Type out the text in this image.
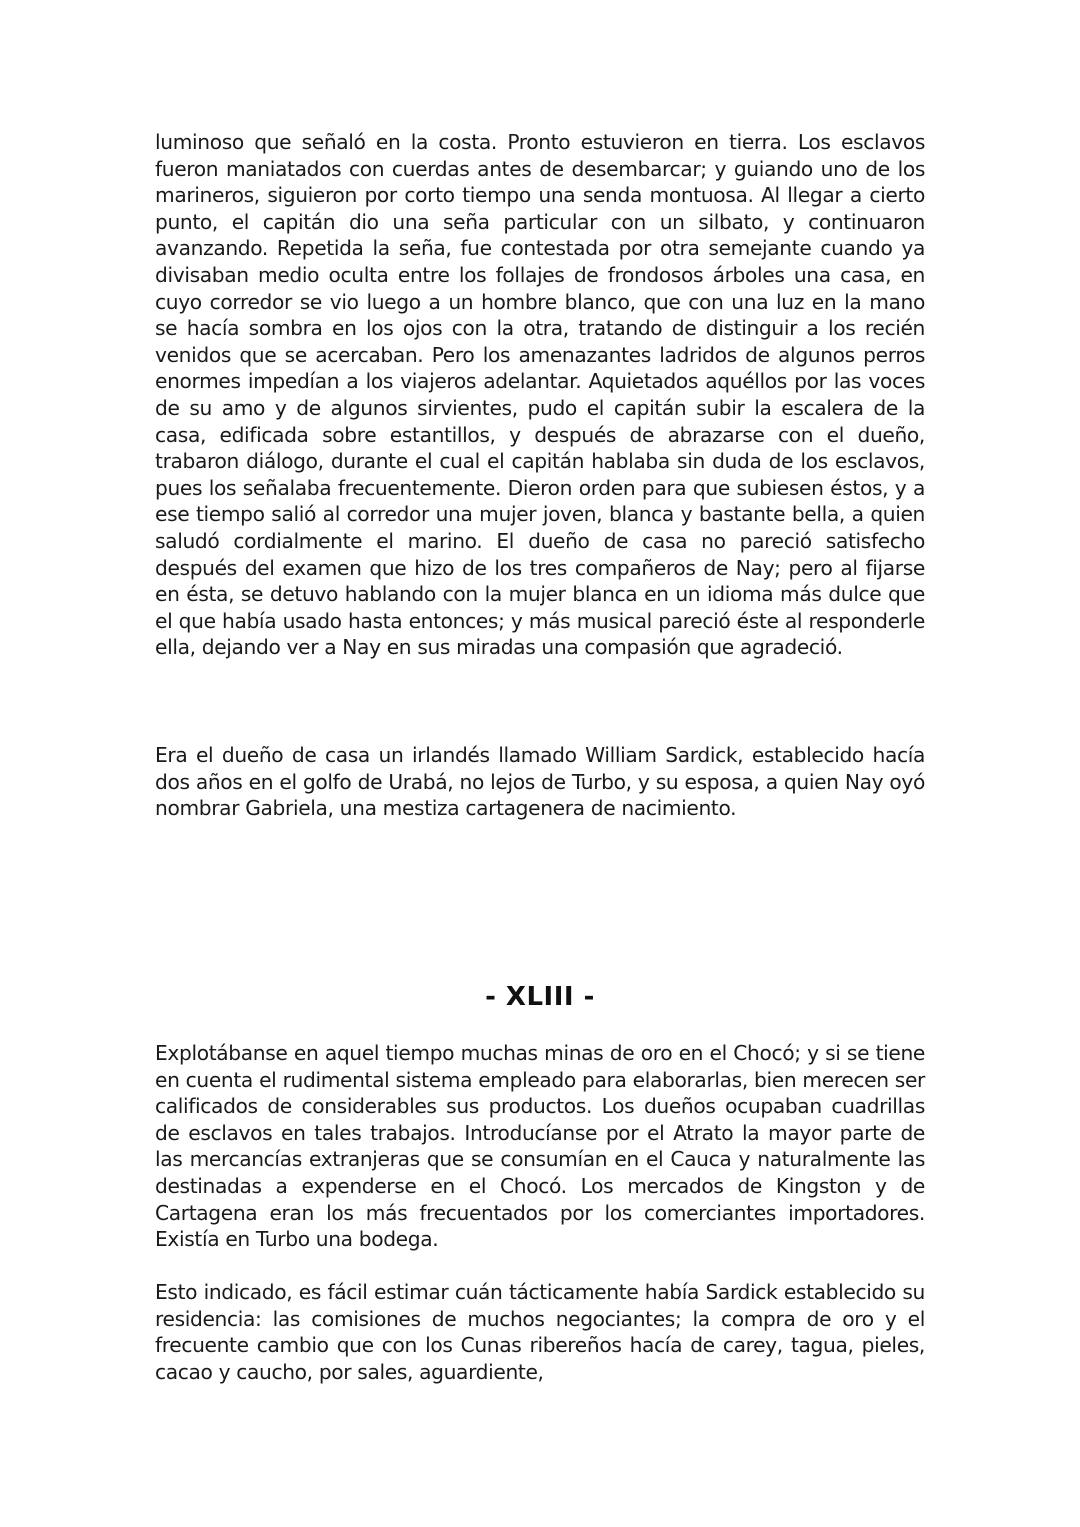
luminoso que señaló en la costa. Pronto estuvieron en tierra. Los esclavos fueron maniatados con cuerdas antes de desembarcar; y guiando uno de los marineros, siguieron por corto tiempo una senda montuosa. Al llegar a cierto punto, el capitán dio una seña particular con un silbato, y continuaron avanzando. Repetida la seña, fue contestada por otra semejante cuando ya divisaban medio oculta entre los follajes de frondosos árboles una casa, en cuyo corredor se vio luego a un hombre blanco, que con una luz en la mano se hacía sombra en los ojos con la otra, tratando de distinguir a los recién venidos que se acercaban. Pero los amenazantes ladridos de algunos perros enormes impedían a los viajeros adelantar. Aquietados aquéllos por las voces de su amo y de algunos sirvientes, pudo el capitán subir la escalera de la casa, edificada sobre estantillos, y después de abrazarse con el dueño, trabaron diálogo, durante el cual el capitán hablaba sin duda de los esclavos, pues los señalaba frecuentemente. Dieron orden para que subiesen éstos, y a ese tiempo salió al corredor una mujer joven, blanca y bastante bella, a quien saludó cordialmente el marino. El dueño de casa no pareció satisfecho después del examen que hizo de los tres compañeros de Nay; pero al fijarse en ésta, se detuvo hablando con la mujer blanca en un idioma más dulce que el que había usado hasta entonces; y más musical pareció éste al responderle ella, dejando ver a Nay en sus miradas una compasión que agradeció.

Era el dueño de casa un irlandés llamado William Sardick, establecido hacía dos años en el golfo de Urabá, no lejos de Turbo, y su esposa, a quien Nay oyó nombrar Gabriela, una mestiza cartagenera de nacimiento.

- XLIII -

Explotábanse en aquel tiempo muchas minas de oro en el Chocó; y si se tiene en cuenta el rudimental sistema empleado para elaborarlas, bien merecen ser calificados de considerables sus productos. Los dueños ocupaban cuadrillas de esclavos en tales trabajos. Introducíanse por el Atrato la mayor parte de las mercancías extranjeras que se consumían en el Cauca y naturalmente las destinadas a expenderse en el Chocó. Los mercados de Kingston y de Cartagena eran los más frecuentados por los comerciantes importadores. Existía en Turbo una bodega.

Esto indicado, es fácil estimar cuán tácticamente había Sardick establecido su residencia: las comisiones de muchos negociantes; la compra de oro y el frecuente cambio que con los Cunas ribereños hacía de carey, tagua, pieles, cacao y caucho, por sales, aguardiente,
